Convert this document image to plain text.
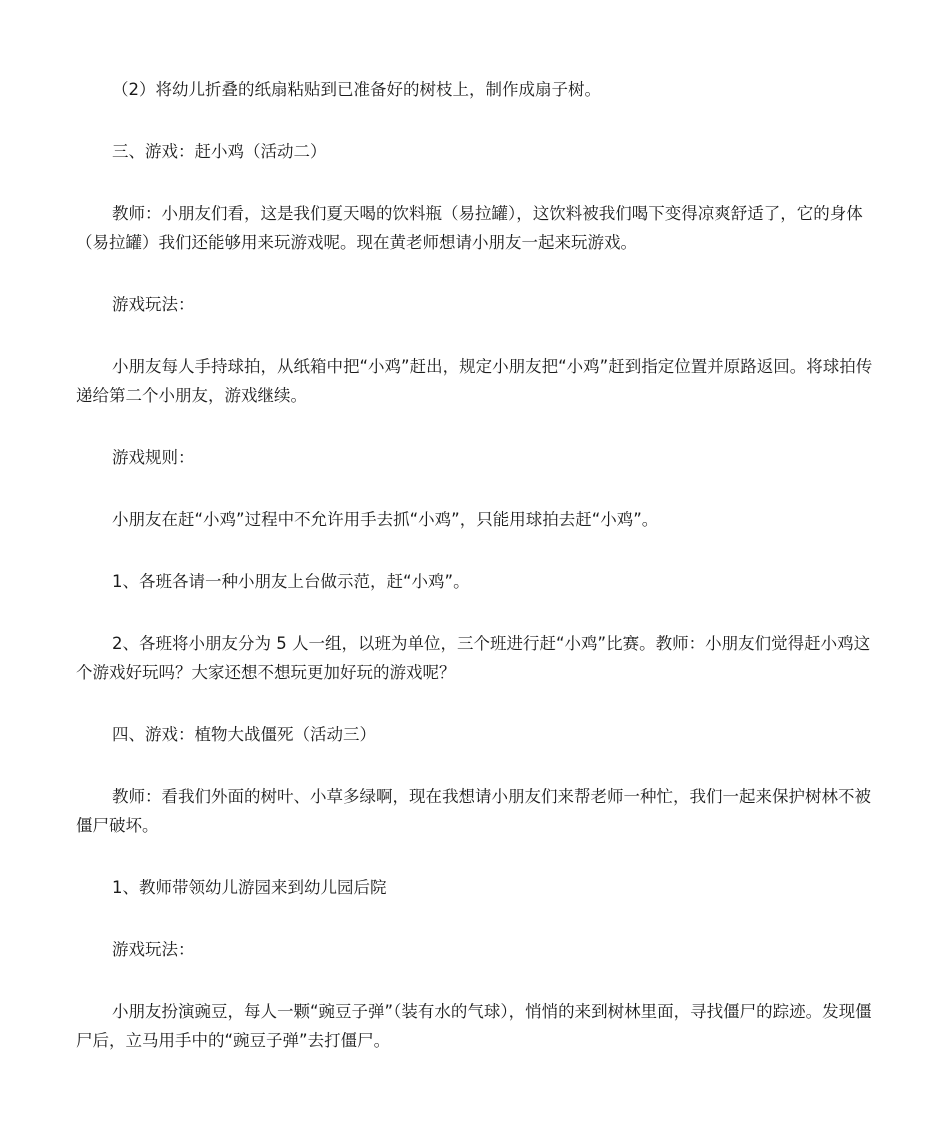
（2）将幼儿折叠的纸扇粘贴到已准备好的树枝上，制作成扇子树。

三、游戏：赶小鸡（活动二）

教师：小朋友们看，这是我们夏天喝的饮料瓶（易拉罐），这饮料被我们喝下变得凉爽舒适了，它的身体（易拉罐）我们还能够用来玩游戏呢。现在黄老师想请小朋友一起来玩游戏。

游戏玩法：

小朋友每人手持球拍，从纸箱中把“小鸡”赶出，规定小朋友把“小鸡”赶到指定位置并原路返回。将球拍传递给第二个小朋友，游戏继续。

游戏规则：

小朋友在赶“小鸡”过程中不允许用手去抓“小鸡”，只能用球拍去赶“小鸡”。

1、各班各请一种小朋友上台做示范，赶“小鸡”。

2、各班将小朋友分为 5 人一组，以班为单位，三个班进行赶“小鸡”比赛。教师：小朋友们觉得赶小鸡这个游戏好玩吗？大家还想不想玩更加好玩的游戏呢？

四、游戏：植物大战僵死（活动三）

教师：看我们外面的树叶、小草多绿啊，现在我想请小朋友们来帮老师一种忙，我们一起来保护树林不被僵尸破坏。

1、教师带领幼儿游园来到幼儿园后院

游戏玩法：

小朋友扮演豌豆，每人一颗“豌豆子弹”（装有水的气球），悄悄的来到树林里面，寻找僵尸的踪迹。发现僵尸后，立马用手中的“豌豆子弹”去打僵尸。
